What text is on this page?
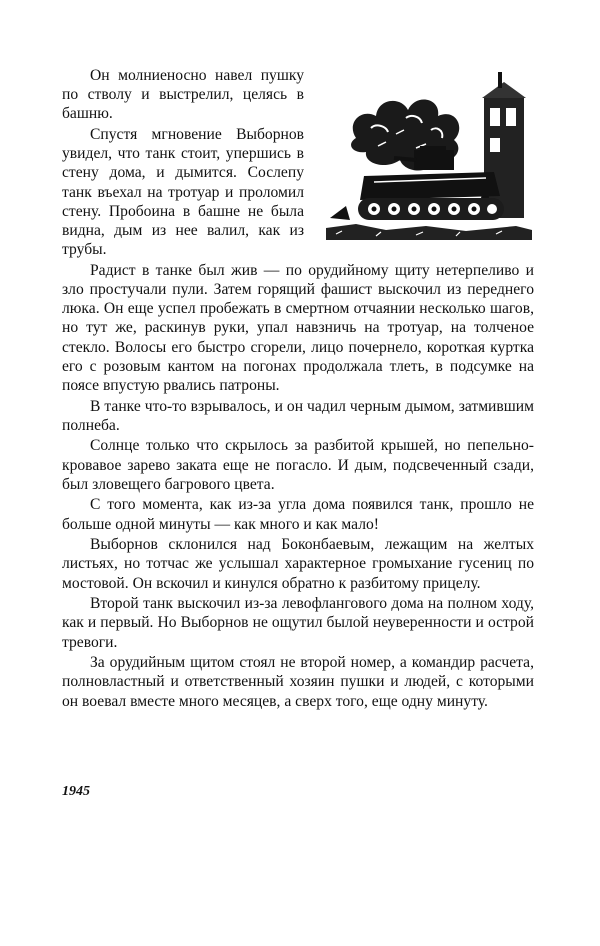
Он молниеносно навел пушку по стволу и выстрелил, целясь в башню.

Спустя мгновение Выборнов увидел, что танк стоит, упершись в стену дома, и дымится. Сослепу танк въехал на тротуар и проломил стену. Пробоина в башне не была видна, дым из нее валил, как из трубы.

Радист в танке был жив — по орудийному щиту нетерпеливо и зло простучали пули. Затем горящий фашист выскочил из переднего люка. Он еще успел пробежать в смертном отчаянии несколько шагов, но тут же, раскинув руки, упал навзничь на тротуар, на толченое стекло. Волосы его быстро сгорели, лицо почернело, короткая куртка его с розовым кантом на погонах продолжала тлеть, в подсумке на поясе впустую рвались патроны.

В танке что-то взрывалось, и он чадил черным дымом, затмившим полнеба.

Солнце только что скрылось за разбитой крышей, но пепельно-кровавое зарево заката еще не погасло. И дым, подсвеченный сзади, был зловещего багрового цвета.

С того момента, как из-за угла дома появился танк, прошло не больше одной минуты — как много и как мало!

Выборнов склонился над Боконбаевым, лежащим на желтых листьях, но тотчас же услышал характерное громыхание гусениц по мостовой. Он вскочил и кинулся обратно к разбитому прицелу.

Второй танк выскочил из-за левофлангового дома на полном ходу, как и первый. Но Выборнов не ощутил былой неуверенности и острой тревоги.

За орудийным щитом стоял не второй номер, а командир расчета, полновластный и ответственный хозяин пушки и людей, с которыми он воевал вместе много месяцев, а сверх того, еще одну минуту.

1945
